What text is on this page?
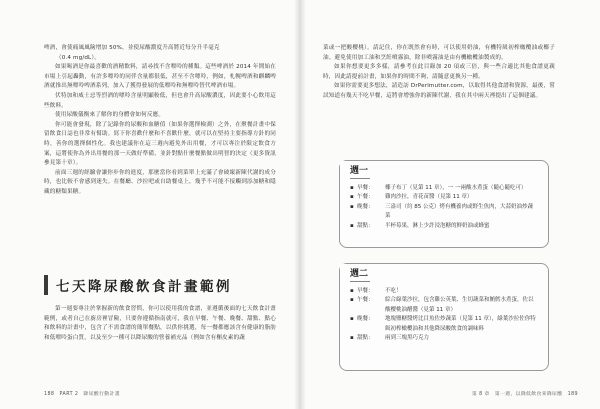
啤酒，會使痛風風險增加 50%，並使尿酸濃度升高將近每分升半毫克

（0.4 mg/dL）。

如果喝酒是你最喜歡的酒精飲料，請尋找不含嘌呤的種類。這些啤酒於 2014 年開始在市場上引起轟動，有許多嘌呤的同伴含量都很低，甚至不含嘌呤，例如，札幌啤酒和麒麟啤酒就推出無嘌呤啤酒系列，加入了獲得發展的低嘌呤和無嘌呤替代啤酒市場。

伏特加和威士忌等烈酒的嘌呤含量明顯較低，但也會升高尿酸濃度，因此要小心飲用這些飲料。

使用尿酸儀衡來了解你的身體會如何反應。

你可能會發現，除了記錄你的尿酸和血糖值（如果你選擇檢測）之外，在聚餐計畫中保留飲食日誌也非常有幫助。寫下你喜歡什麼和不喜歡什麼，就可以在堅持主要指導方針的同時，善你的選擇個性化。我也建議你在這三週內避免外出用餐，才可以專注於限定飲食方案，這將使你為外出用餐的那一天做好準備，並針對點什麼餐點做出明智的決定（更多資訊參見第十章）。

前面三週的經驗會讓你步你的進度，那麼當你看到菜單上充滿了會破壞新陳代謝的成分時，也比較不會感到迷失。在餐廳、沙拉吧或自助餐桌上，幾乎不可能不接觸到添加糖和隱藏的糖類果糖。

七天降尿酸飲食計畫範例

第一週要專注於掌握新的飲食習慣，你可以使用我的食譜，並遵循後面的七天飲食計畫範例，或者自己在廚房裡冒險，只要你遵循指南就可，我在早餐、午餐、晚餐、甜點、點心和飲料的計畫中，包含了不需食譜的簡單餐點，以供你挑選，每一餐都應該含有健康的脂肪和低嘌呤蛋白質，以及至少一種可以降尿酸的營養補充品（例如含有槲皮素的蔬

188　PART 2　降尿酸行動計畫

菜或一把酸櫻桃）。請記住，你在既然會有時，可以使用奶油，有機特級初榨橄欖油或椰子油。避免使用加工油和烹飪噴霧油，除非噴霧油是由有機橄欖油製成的。

如果你想要更多多樣，請參考在此目錄加 20 項或三倍，與一些合適比其他食譜更親時，因此請提前計畫，如果你的時間不夠，請隨意更換另一種。

如果你需要更多想法，請造訪 DrPerlmutter.com，以取得其他食譜和資源，最後，嘗試知道有幾天不吃早餐，這將會增強你的新陳代謝，我在其中兩天裡提出了這個建議。

週一
▪ 早餐：	椰子布丁（見第 11 章），一 一兩酸水煮蛋（隨心隨吃可）
▪ 午餐：	雞肉沙拉，青花苗醬（見第 11 章）
▪ 晚餐：	三盎司（約 85 公克）烤有機養肉或野生魚肉，大蒜奶油炒蔬菜
▪ 甜點：	半杯莓果，淋上少許浸泡糖的鮮奶油或蜂蜜
週二
▪ 早餐：	不吃！
▪ 午餐：	綜合綠葉沙拉，包含雞公英葉、生切蔬菜和鮪鱈水煮蛋，佐以酸櫻桃油醋醬（見第 11 章）
▪ 晚餐：	地塊鹽糖醬烤比目魚佐炒蔬菜（見第 11 章），綠葉沙拉佐你特級初榨橄欖油和其他降尿酸飲食的調味料
▪ 甜點：	兩到三塊黑巧克力
第 8 章　第一週，以降低飲食來降尿酸　189
